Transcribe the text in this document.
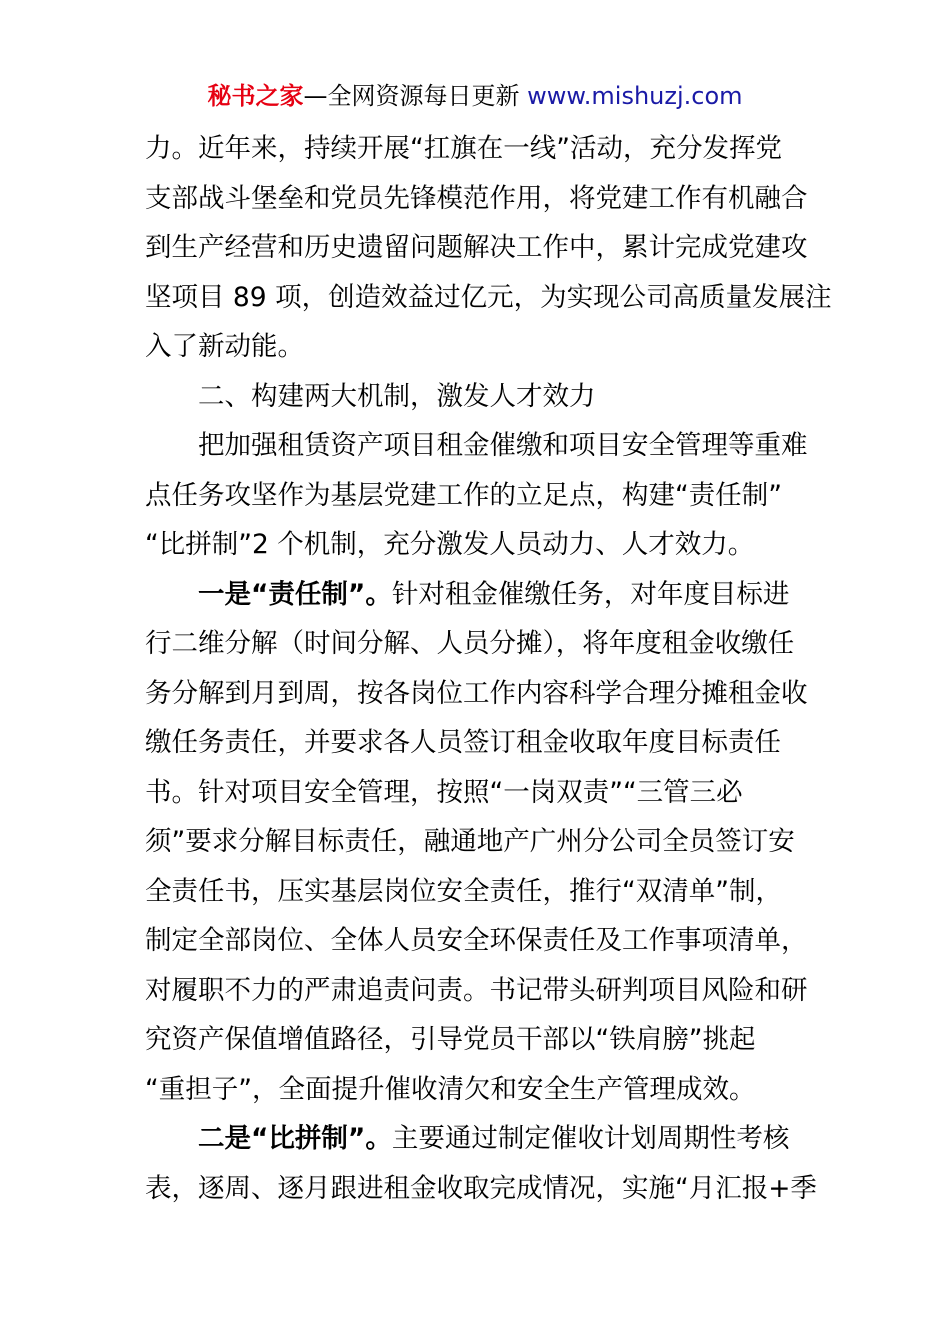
秘书之家—全网资源每日更新 www.mishuzj.com
力。近年来，持续开展“扛旗在一线”活动，充分发挥党
支部战斗堡垒和党员先锋模范作用，将党建工作有机融合
到生产经营和历史遗留问题解决工作中，累计完成党建攻
坚项目 89 项，创造效益过亿元，为实现公司高质量发展注
入了新动能。
二、构建两大机制，激发人才效力
把加强租赁资产项目租金催缴和项目安全管理等重难
点任务攻坚作为基层党建工作的立足点，构建“责任制”
“比拼制”2 个机制，充分激发人员动力、人才效力。
一是“责任制”。针对租金催缴任务，对年度目标进
行二维分解（时间分解、人员分摊），将年度租金收缴任
务分解到月到周，按各岗位工作内容科学合理分摊租金收
缴任务责任，并要求各人员签订租金收取年度目标责任
书。针对项目安全管理，按照“一岗双责”“三管三必
须”要求分解目标责任，融通地产广州分公司全员签订安
全责任书，压实基层岗位安全责任，推行“双清单”制，
制定全部岗位、全体人员安全环保责任及工作事项清单，
对履职不力的严肃追责问责。书记带头研判项目风险和研
究资产保值增值路径，引导党员干部以“铁肩膀”挑起
“重担子”，全面提升催收清欠和安全生产管理成效。
二是“比拼制”。主要通过制定催收计划周期性考核
表，逐周、逐月跟进租金收取完成情况，实施“月汇报+季
